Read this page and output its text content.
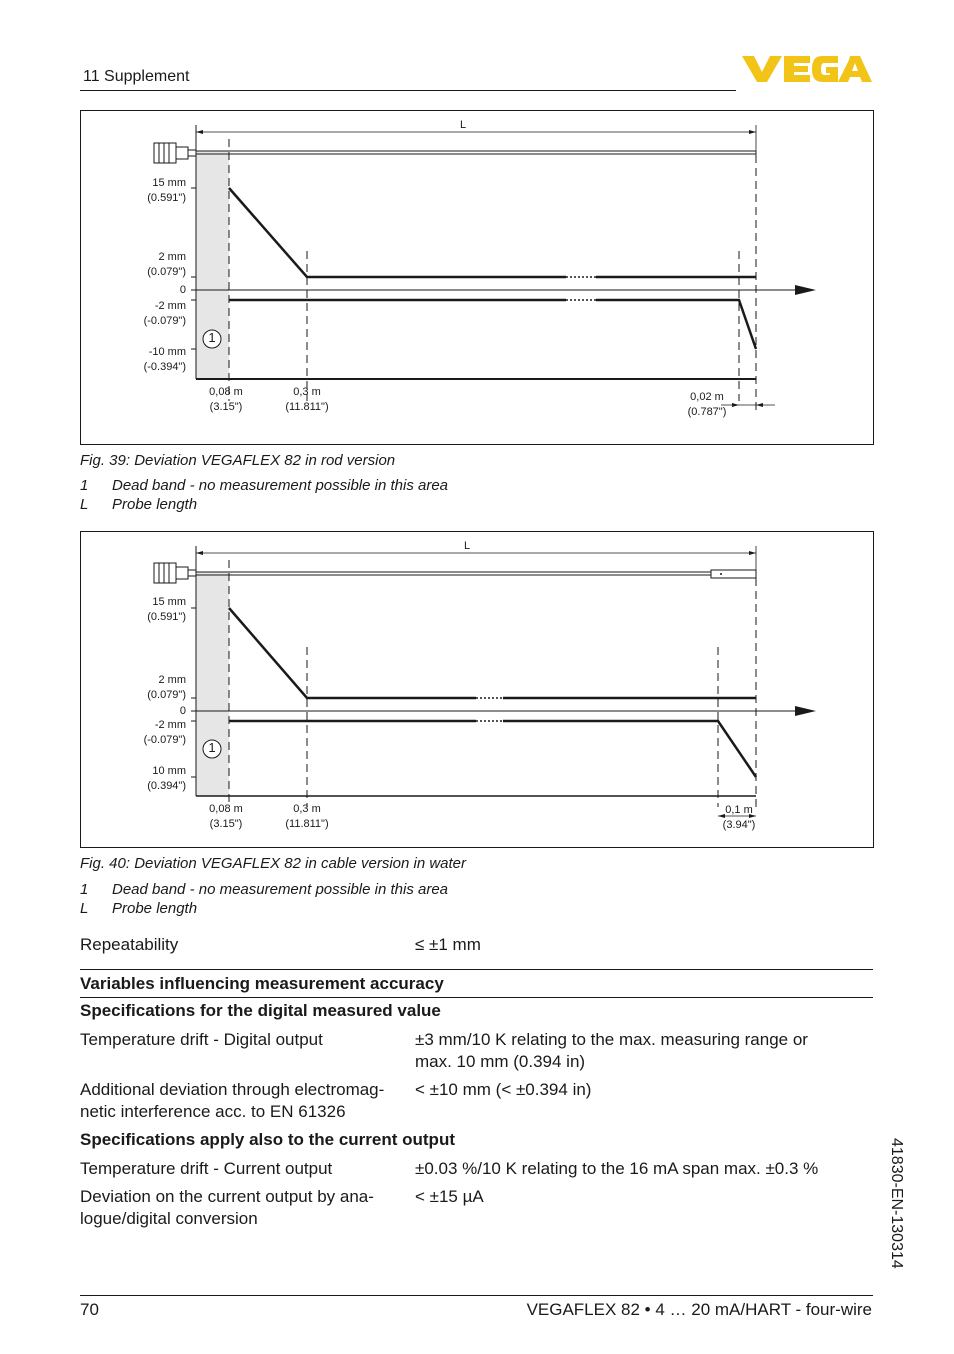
11 Supplement
L
15 mm
(0.591")
2 mm
(0.079")
0
-2 mm
(-0.079")
-10 mm
(-0.394")
0,08 m
(3.15")
0,3 m
(11.811")
0,02 m
(0.787")
1
Fig. 39: Deviation VEGAFLEX 82 in rod version
1 Dead band - no measurement possible in this area
L Probe length
L
15 mm
(0.591")
2 mm
(0.079")
0
-2 mm
(-0.079")
10 mm
(0.394")
0,08 m
(3.15")
0,3 m
(11.811")
0,1 m
(3.94")
1
Fig. 40: Deviation VEGAFLEX 82 in cable version in water
1 Dead band - no measurement possible in this area
L Probe length
Repeatability	≤ ±1 mm
Variables influencing measurement accuracy
Specifications for the digital measured value
Temperature drift - Digital output	±3 mm/10 K relating to the max. measuring range or
max. 10 mm (0.394 in)
Additional deviation through electromag-
netic interference acc. to EN 61326
< ±10 mm (< ±0.394 in)
Specifications apply also to the current output
Temperature drift - Current output	±0.03 %/10 K relating to the 16 mA span max. ±0.3 %
Deviation on the current output by ana-
logue/digital conversion
< ±15 µA	41830-EN-130314
70	VEGAFLEX 82 • 4 … 20 mA/HART - four-wire
